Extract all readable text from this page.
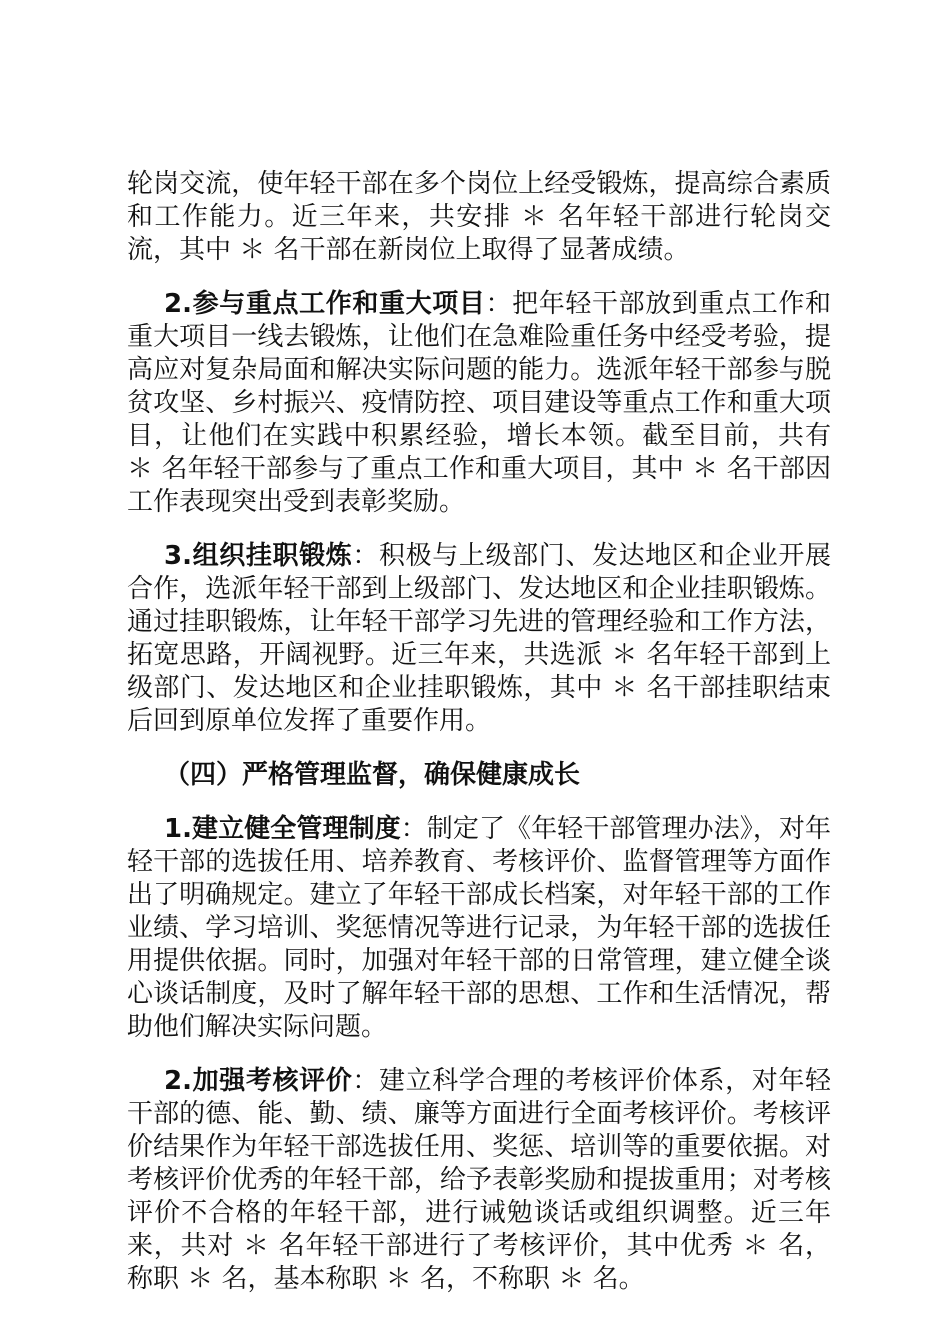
轮岗交流，使年轻干部在多个岗位上经受锻炼，提高综合素质和工作能力。近三年来，共安排 ＊ 名年轻干部进行轮岗交流，其中 ＊ 名干部在新岗位上取得了显著成绩。

2.参与重点工作和重大项目：把年轻干部放到重点工作和重大项目一线去锻炼，让他们在急难险重任务中经受考验，提高应对复杂局面和解决实际问题的能力。选派年轻干部参与脱贫攻坚、乡村振兴、疫情防控、项目建设等重点工作和重大项目，让他们在实践中积累经验，增长本领。截至目前，共有 ＊ 名年轻干部参与了重点工作和重大项目，其中 ＊ 名干部因工作表现突出受到表彰奖励。

3.组织挂职锻炼：积极与上级部门、发达地区和企业开展合作，选派年轻干部到上级部门、发达地区和企业挂职锻炼。通过挂职锻炼，让年轻干部学习先进的管理经验和工作方法，拓宽思路，开阔视野。近三年来，共选派 ＊ 名年轻干部到上级部门、发达地区和企业挂职锻炼，其中 ＊ 名干部挂职结束后回到原单位发挥了重要作用。

（四）严格管理监督，确保健康成长

1.建立健全管理制度：制定了《年轻干部管理办法》，对年轻干部的选拔任用、培养教育、考核评价、监督管理等方面作出了明确规定。建立了年轻干部成长档案，对年轻干部的工作业绩、学习培训、奖惩情况等进行记录，为年轻干部的选拔任用提供依据。同时，加强对年轻干部的日常管理，建立健全谈心谈话制度，及时了解年轻干部的思想、工作和生活情况，帮助他们解决实际问题。

2.加强考核评价：建立科学合理的考核评价体系，对年轻干部的德、能、勤、绩、廉等方面进行全面考核评价。考核评价结果作为年轻干部选拔任用、奖惩、培训等的重要依据。对考核评价优秀的年轻干部，给予表彰奖励和提拔重用；对考核评价不合格的年轻干部，进行诫勉谈话或组织调整。近三年来，共对 ＊ 名年轻干部进行了考核评价，其中优秀 ＊ 名，称职 ＊ 名，基本称职 ＊ 名，不称职 ＊ 名。
